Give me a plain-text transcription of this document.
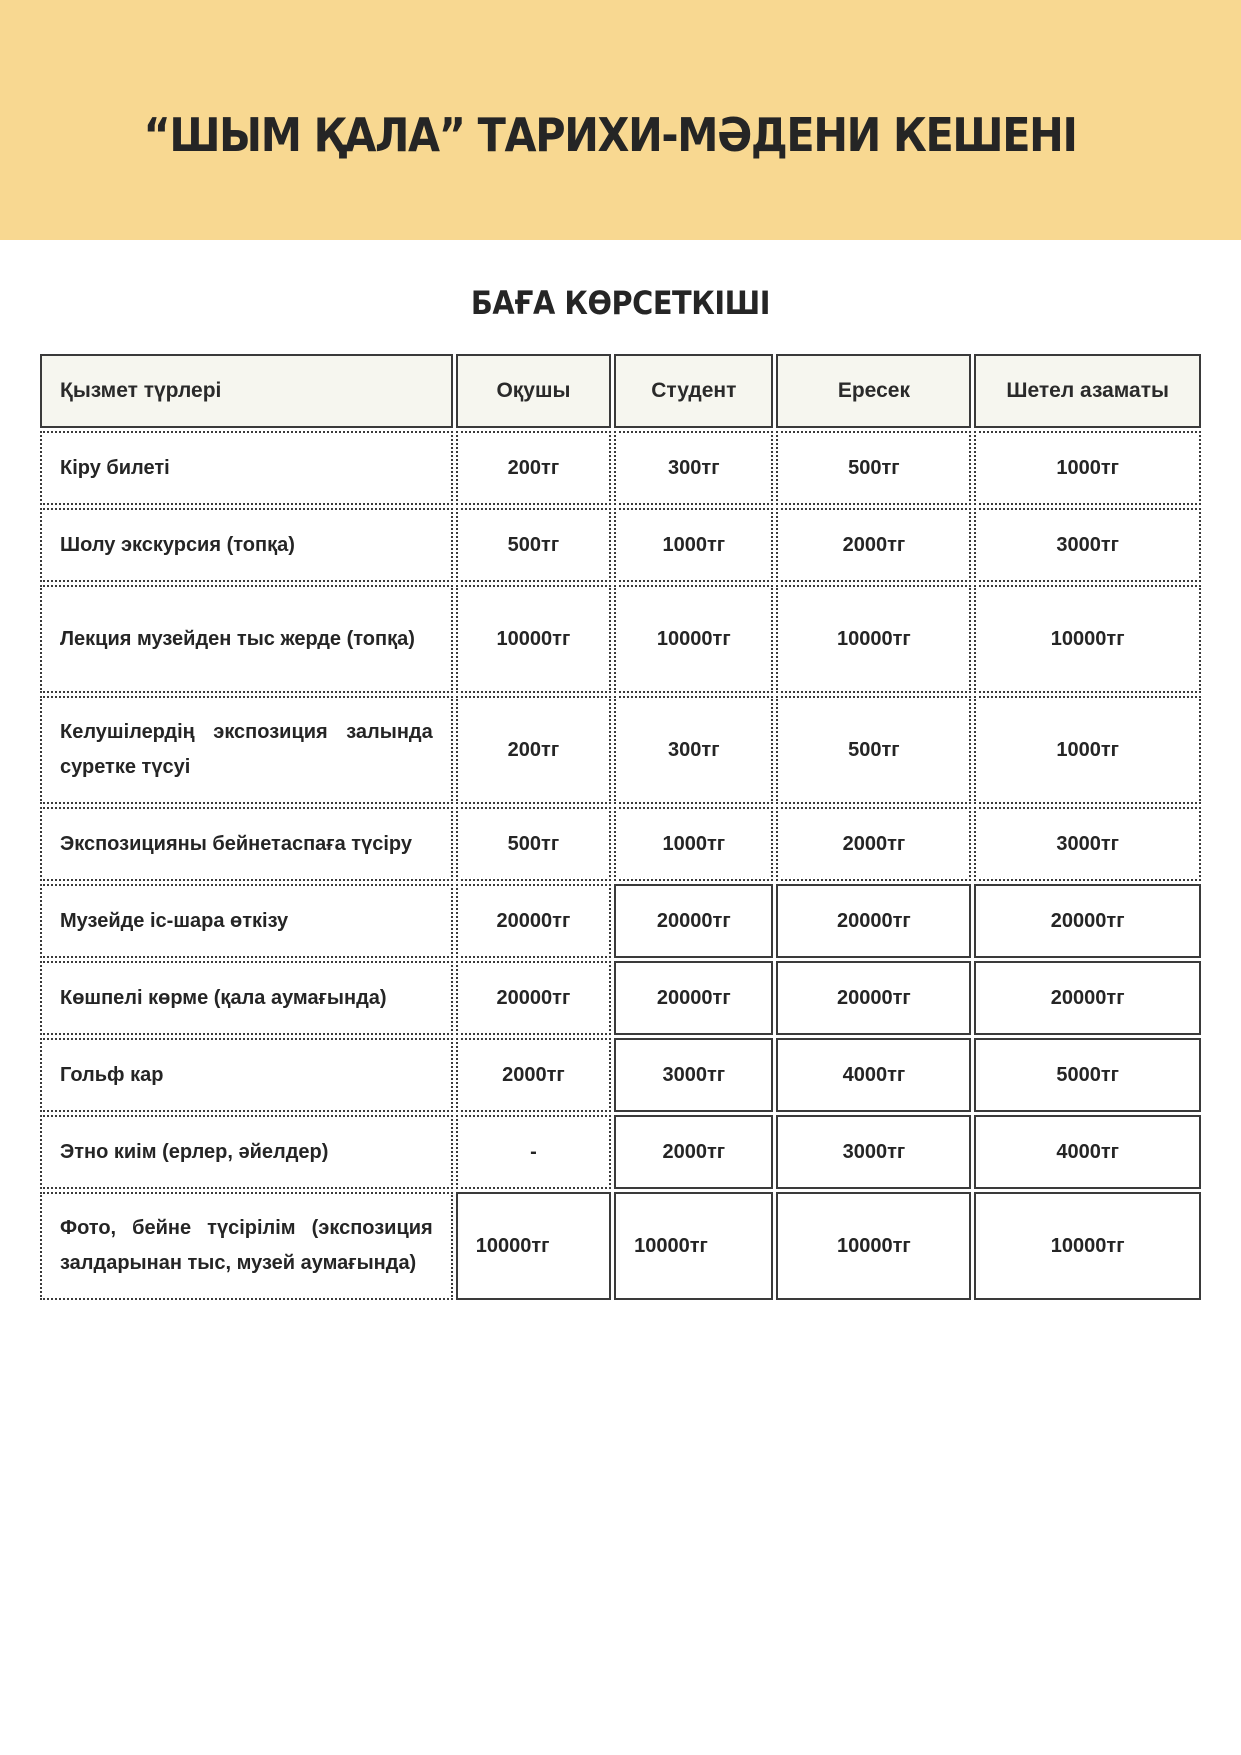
“ШЫМ ҚАЛА” ТАРИХИ-МӘДЕНИ КЕШЕНІ
БАҒА КӨРСЕТКІШІ
Қызмет түрлері	Оқушы	Студент	Ересек	Шетел азаматы
Кіру билеті	200тг	300тг	500тг	1000тг
Шолу экскурсия (топқа)	500тг	1000тг	2000тг	3000тг
Лекция музейден тыс жерде (топқа)	10000тг	10000тг	10000тг	10000тг
Келушілердің экспозиция залында суретке түсуі	200тг	300тг	500тг	1000тг
Экспозицияны бейнетаспаға түсіру	500тг	1000тг	2000тг	3000тг
Музейде іс-шара өткізу	20000тг	20000тг	20000тг	20000тг
Көшпелі көрме (қала аумағында)	20000тг	20000тг	20000тг	20000тг
Гольф кар	2000тг	3000тг	4000тг	5000тг
Этно киім (ерлер, әйелдер)	-	2000тг	3000тг	4000тг
Фото, бейне түсірілім (экспозиция залдарынан тыс, музей аумағында)	10000тг	10000тг	10000тг	10000тг
